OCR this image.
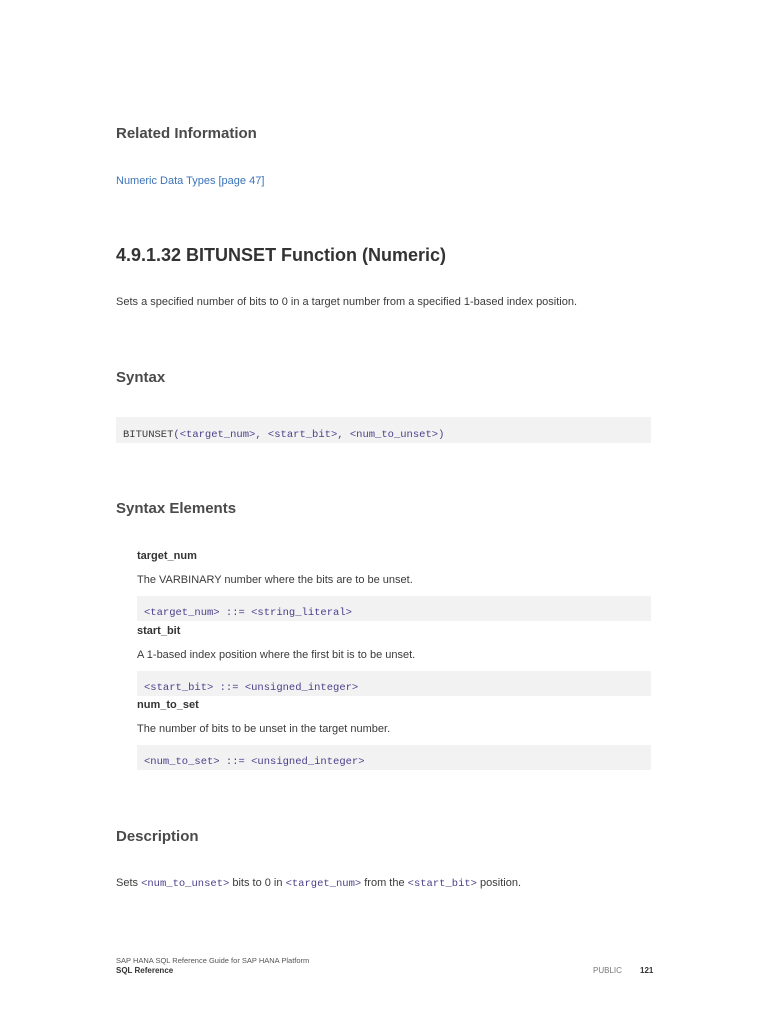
Related Information
Numeric Data Types [page 47]
4.9.1.32 BITUNSET Function (Numeric)
Sets a specified number of bits to 0 in a target number from a specified 1-based index position.
Syntax
BITUNSET(<target_num>, <start_bit>, <num_to_unset>)
Syntax Elements
target_num
The VARBINARY number where the bits are to be unset.
<target_num> ::= <string_literal>
start_bit
A 1-based index position where the first bit is to be unset.
<start_bit> ::= <unsigned_integer>
num_to_set
The number of bits to be unset in the target number.
<num_to_set> ::= <unsigned_integer>
Description
Sets <num_to_unset> bits to 0 in <target_num> from the <start_bit> position.
SAP HANA SQL Reference Guide for SAP HANA Platform
SQL Reference	PUBLIC 121
